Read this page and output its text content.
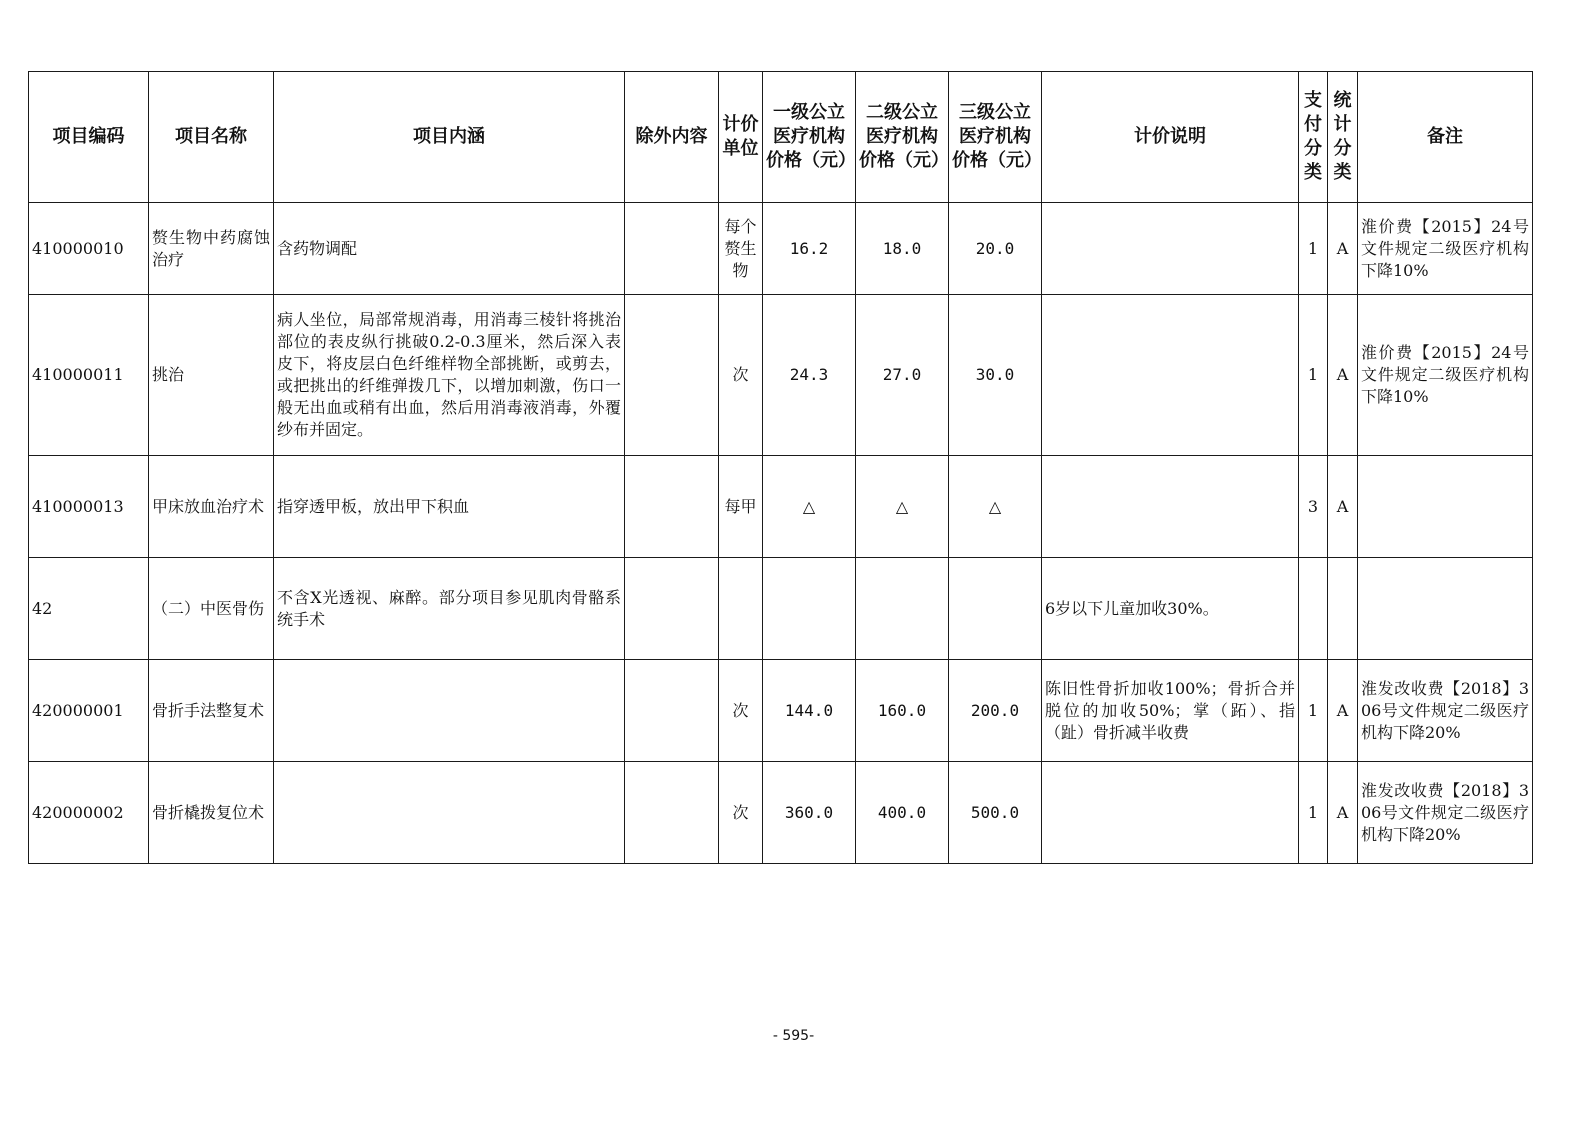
项目编码	项目名称	项目内涵	除外内容	计价单位	一级公立医疗机构价格（元）	二级公立医疗机构价格（元）	三级公立医疗机构价格（元）	计价说明	支付分类	统计分类	备注
410000010	赘生物中药腐蚀治疗	含药物调配		每个赘生物	16.2	18.0	20.0		1	A	淮价费【2015】24号文件规定二级医疗机构下降10%
410000011	挑治	病人坐位，局部常规消毒，用消毒三棱针将挑治部位的表皮纵行挑破0.2-0.3厘米，然后深入表皮下，将皮层白色纤维样物全部挑断，或剪去，或把挑出的纤维弹拨几下，以增加刺激，伤口一般无出血或稍有出血，然后用消毒液消毒，外覆纱布并固定。		次	24.3	27.0	30.0		1	A	淮价费【2015】24号文件规定二级医疗机构下降10%
410000013	甲床放血治疗术	指穿透甲板，放出甲下积血		每甲	△	△	△		3	A	
42	（二）中医骨伤	不含X光透视、麻醉。部分项目参见肌肉骨骼系统手术						6岁以下儿童加收30%。			
420000001	骨折手法整复术			次	144.0	160.0	200.0	陈旧性骨折加收100%；骨折合并脱位的加收50%；掌（跖）、指（趾）骨折减半收费	1	A	淮发改收费【2018】306号文件规定二级医疗机构下降20%
420000002	骨折橇拨复位术			次	360.0	400.0	500.0		1	A	淮发改收费【2018】306号文件规定二级医疗机构下降20%
- 595-
